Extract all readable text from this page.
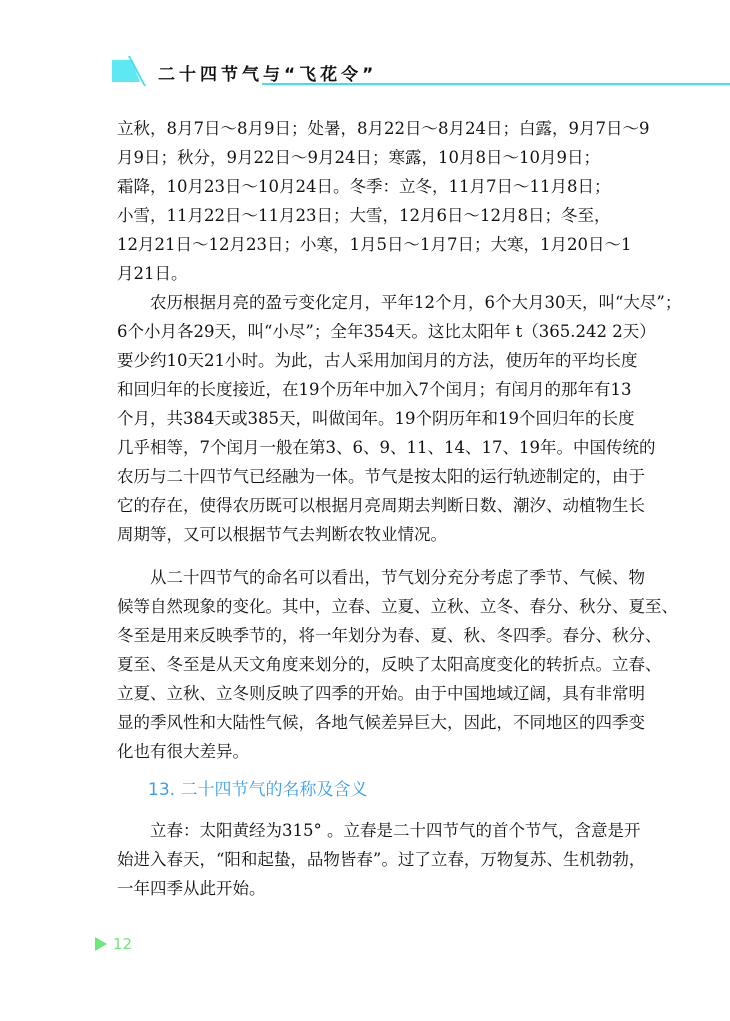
二十四节气与“飞花令”
立秋，8月7日～8月9日；处暑，8月22日～8月24日；白露，9月7日～9
月9日；秋分，9月22日～9月24日；寒露，10月8日～10月9日；
霜降，10月23日～10月24日。冬季：立冬，11月7日～11月8日；
小雪，11月22日～11月23日；大雪，12月6日～12月8日；冬至，
12月21日～12月23日；小寒，1月5日～1月7日；大寒，1月20日～1
月21日。
农历根据月亮的盈亏变化定月，平年12个月，6个大月30天，叫“大尽”；
6个小月各29天，叫“小尽”；全年354天。这比太阳年 t（365.242 2天）
要少约10天21小时。为此，古人采用加闰月的方法，使历年的平均长度
和回归年的长度接近，在19个历年中加入7个闰月；有闰月的那年有13
个月，共384天或385天，叫做闰年。19个阴历年和19个回归年的长度
几乎相等，7个闰月一般在第3、6、9、11、14、17、19年。中国传统的
农历与二十四节气已经融为一体。节气是按太阳的运行轨迹制定的，由于
它的存在，使得农历既可以根据月亮周期去判断日数、潮汐、动植物生长
周期等，又可以根据节气去判断农牧业情况。
从二十四节气的命名可以看出，节气划分充分考虑了季节、气候、物
候等自然现象的变化。其中，立春、立夏、立秋、立冬、春分、秋分、夏至、
冬至是用来反映季节的，将一年划分为春、夏、秋、冬四季。春分、秋分、
夏至、冬至是从天文角度来划分的，反映了太阳高度变化的转折点。立春、
立夏、立秋、立冬则反映了四季的开始。由于中国地域辽阔，具有非常明
显的季风性和大陆性气候，各地气候差异巨大，因此，不同地区的四季变
化也有很大差异。
13. 二十四节气的名称及含义
立春：太阳黄经为315° 。立春是二十四节气的首个节气，含意是开
始进入春天，“阳和起蛰，品物皆春”。过了立春，万物复苏、生机勃勃，
一年四季从此开始。
12
